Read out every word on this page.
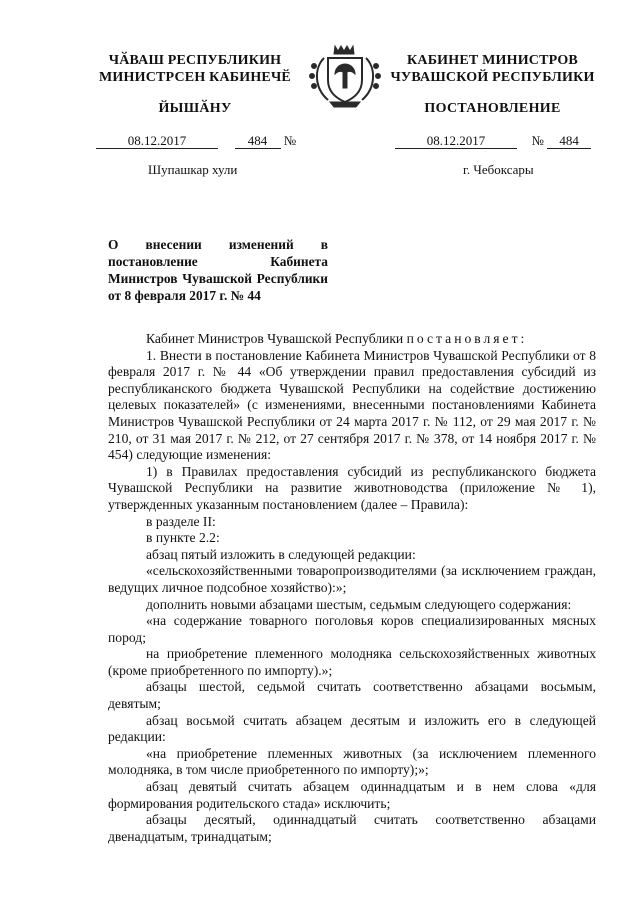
ЧӐВАШ РЕСПУБЛИКИН
МИНИСТРСЕН КАБИНЕЧӖ
ЙЫШӐНУ
КАБИНЕТ МИНИСТРОВ
ЧУВАШСКОЙ РЕСПУБЛИКИ
ПОСТАНОВЛЕНИЕ
08.12.2017	484 №	08.12.2017	№ 484
Шупашкар хули	г. Чебоксары
О внесении изменений в постановление Кабинета Министров Чувашской Республики от 8 февраля 2017 г. № 44

Кабинет Министров Чувашской Республики постановляет:

1. Внести в постановление Кабинета Министров Чувашской Республики от 8 февраля 2017 г. № 44 «Об утверждении правил предоставления субсидий из республиканского бюджета Чувашской Республики на содействие достижению целевых показателей» (с изменениями, внесенными постановлениями Кабинета Министров Чувашской Республики от 24 марта 2017 г. № 112, от 29 мая 2017 г. № 210, от 31 мая 2017 г. № 212, от 27 сентября 2017 г. № 378, от 14 ноября 2017 г. № 454) следующие изменения:

1) в Правилах предоставления субсидий из республиканского бюджета Чувашской Республики на развитие животноводства (приложение № 1), утвержденных указанным постановлением (далее – Правила):

в разделе II:

в пункте 2.2:

абзац пятый изложить в следующей редакции:

«сельскохозяйственными товаропроизводителями (за исключением граждан, ведущих личное подсобное хозяйство):»;

дополнить новыми абзацами шестым, седьмым следующего содержания:

«на содержание товарного поголовья коров специализированных мясных пород;

на приобретение племенного молодняка сельскохозяйственных животных (кроме приобретенного по импорту).»;

абзацы шестой, седьмой считать соответственно абзацами восьмым, девятым;

абзац восьмой считать абзацем десятым и изложить его в следующей редакции:

«на приобретение племенных животных (за исключением племенного молодняка, в том числе приобретенного по импорту);»;

абзац девятый считать абзацем одиннадцатым и в нем слова «для формирования родительского стада» исключить;

абзацы десятый, одиннадцатый считать соответственно абзацами двенадцатым, тринадцатым;
